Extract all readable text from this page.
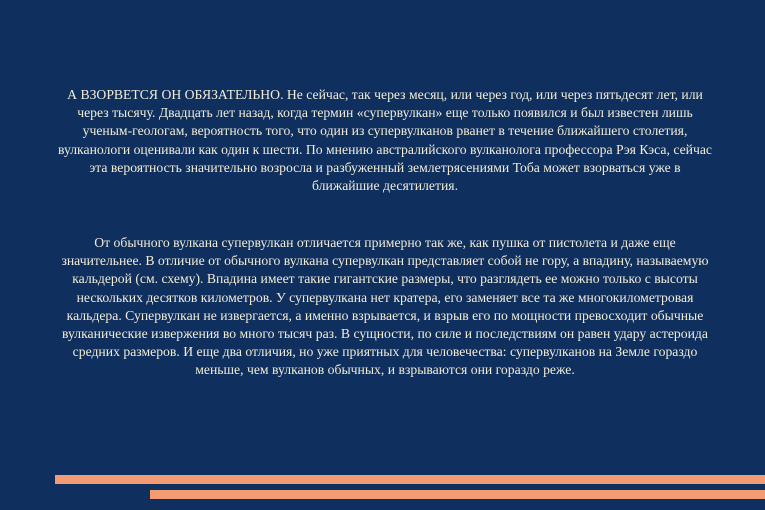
А ВЗОРВЕТСЯ ОН ОБЯЗАТЕЛЬНО. Не сейчас, так через месяц, или через год, или через пятьдесят лет, или через тысячу. Двадцать лет назад, когда термин «супервулкан» еще только появился и был известен лишь ученым-геологам, вероятность того, что один из супервулканов рванет в течение ближайшего столетия, вулканологи оценивали как один к шести. По мнению австралийского вулканолога профессора Рэя Кэса, сейчас эта вероятность значительно возросла и разбуженный землетрясениями Тоба может взорваться уже в ближайшие десятилетия.
От обычного вулкана супервулкан отличается примерно так же, как пушка от пистолета и даже еще значительнее. В отличие от обычного вулкана супервулкан представляет собой не гору, а впадину, называемую кальдерой (см. схему). Впадина имеет такие гигантские размеры, что разглядеть ее можно только с высоты нескольких десятков километров. У супервулкана нет кратера, его заменяет все та же многокилометровая кальдера. Супервулкан не извергается, а именно взрывается, и взрыв его по мощности превосходит обычные вулканические извержения во много тысяч раз. В сущности, по силе и последствиям он равен удару астероида средних размеров. И еще два отличия, но уже приятных для человечества: супервулканов на Земле гораздо меньше, чем вулканов обычных, и взрываются они гораздо реже.
